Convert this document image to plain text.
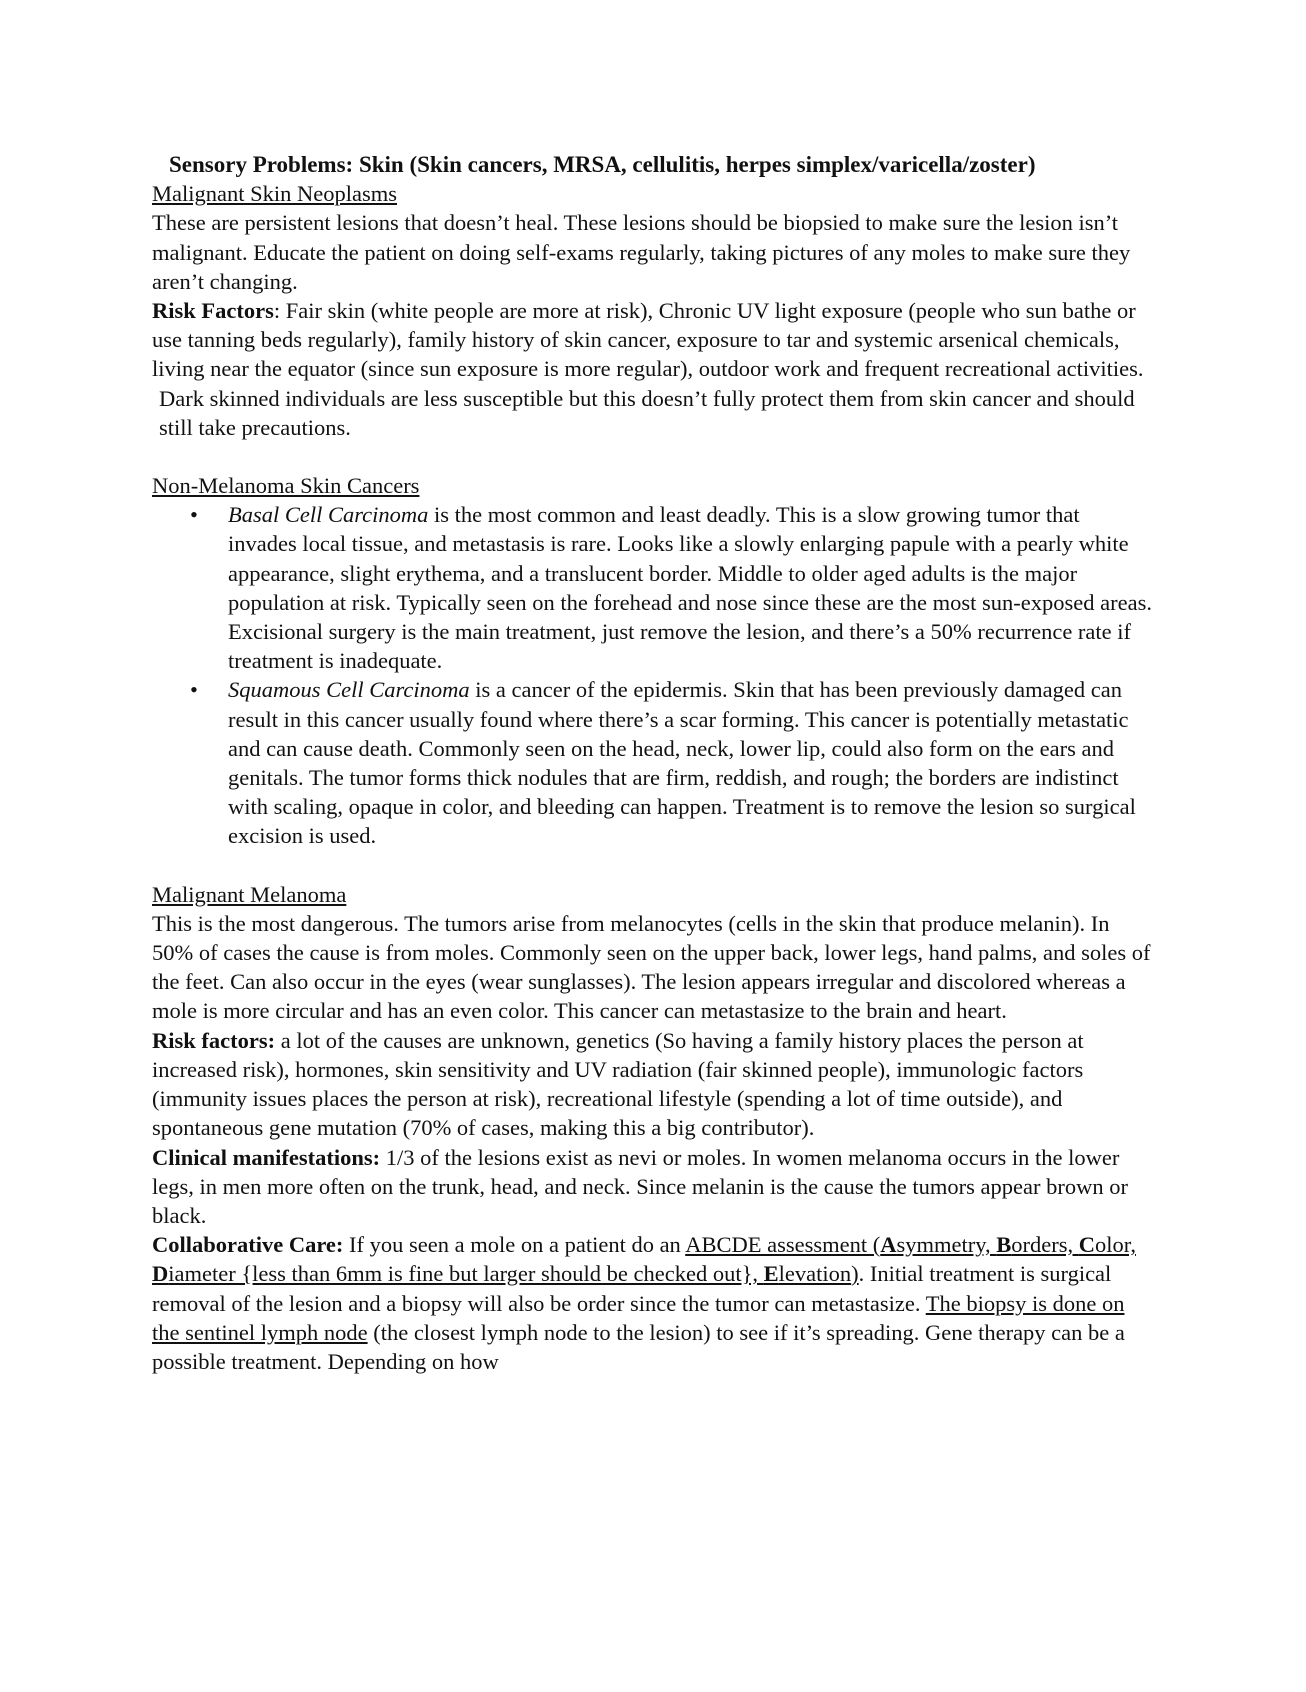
Sensory Problems: Skin (Skin cancers, MRSA, cellulitis, herpes simplex/varicella/zoster)

Malignant Skin Neoplasms

These are persistent lesions that doesn’t heal. These lesions should be biopsied to make sure the lesion isn’t malignant. Educate the patient on doing self-exams regularly, taking pictures of any moles to make sure they aren’t changing.

Risk Factors: Fair skin (white people are more at risk), Chronic UV light exposure (people who sun bathe or use tanning beds regularly), family history of skin cancer, exposure to tar and systemic arsenical chemicals, living near the equator (since sun exposure is more regular), outdoor work and frequent recreational activities.

Dark skinned individuals are less susceptible but this doesn’t fully protect them from skin cancer and should still take precautions.

Non-Melanoma Skin Cancers

• Basal Cell Carcinoma is the most common and least deadly. This is a slow growing tumor that invades local tissue, and metastasis is rare. Looks like a slowly enlarging papule with a pearly white appearance, slight erythema, and a translucent border. Middle to older aged adults is the major population at risk. Typically seen on the forehead and nose since these are the most sun-exposed areas. Excisional surgery is the main treatment, just remove the lesion, and there’s a 50% recurrence rate if treatment is inadequate.
• Squamous Cell Carcinoma is a cancer of the epidermis. Skin that has been previously damaged can result in this cancer usually found where there’s a scar forming. This cancer is potentially metastatic and can cause death. Commonly seen on the head, neck, lower lip, could also form on the ears and genitals. The tumor forms thick nodules that are firm, reddish, and rough; the borders are indistinct with scaling, opaque in color, and bleeding can happen. Treatment is to remove the lesion so surgical excision is used.

Malignant Melanoma

This is the most dangerous. The tumors arise from melanocytes (cells in the skin that produce melanin). In 50% of cases the cause is from moles. Commonly seen on the upper back, lower legs, hand palms, and soles of the feet. Can also occur in the eyes (wear sunglasses). The lesion appears irregular and discolored whereas a mole is more circular and has an even color. This cancer can metastasize to the brain and heart.

Risk factors: a lot of the causes are unknown, genetics (So having a family history places the person at increased risk), hormones, skin sensitivity and UV radiation (fair skinned people), immunologic factors (immunity issues places the person at risk), recreational lifestyle (spending a lot of time outside), and spontaneous gene mutation (70% of cases, making this a big contributor).

Clinical manifestations: 1/3 of the lesions exist as nevi or moles. In women melanoma occurs in the lower legs, in men more often on the trunk, head, and neck. Since melanin is the cause the tumors appear brown or black.

Collaborative Care: If you seen a mole on a patient do an ABCDE assessment (Asymmetry, Borders, Color, Diameter {less than 6mm is fine but larger should be checked out}, Elevation). Initial treatment is surgical removal of the lesion and a biopsy will also be order since the tumor can metastasize. The biopsy is done on the sentinel lymph node (the closest lymph node to the lesion) to see if it’s spreading. Gene therapy can be a possible treatment. Depending on how
